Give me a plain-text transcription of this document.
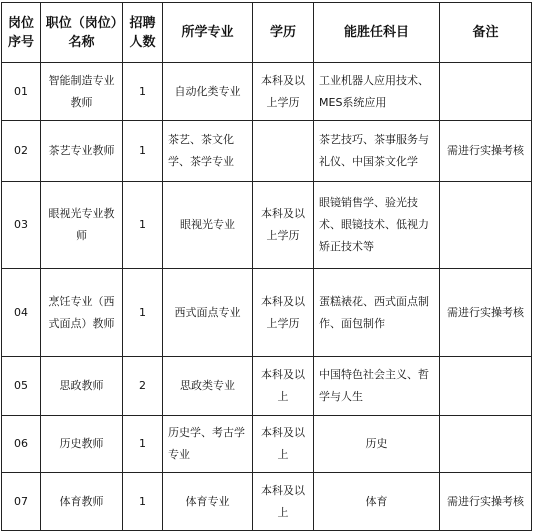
岗位序号	职位（岗位）名称	招聘人数	所学专业	学历	能胜任科目	备注
01	智能制造专业教师	1	自动化类专业	本科及以上学历	工业机器人应用技术、MES系统应用	
02	茶艺专业教师	1	茶艺、茶文化学、茶学专业		茶艺技巧、茶事服务与礼仪、中国茶文化学	需进行实操考核
03	眼视光专业教师	1	眼视光专业	本科及以上学历	眼镜销售学、验光技术、眼镜技术、低视力矫正技术等	
04	烹饪专业（西式面点）教师	1	西式面点专业	本科及以上学历	蛋糕裱花、西式面点制作、面包制作	需进行实操考核
05	思政教师	2	思政类专业	本科及以上	中国特色社会主义、哲学与人生	
06	历史教师	1	历史学、考古学专业	本科及以上	历史	
07	体育教师	1	体育专业	本科及以上	体育	需进行实操考核
